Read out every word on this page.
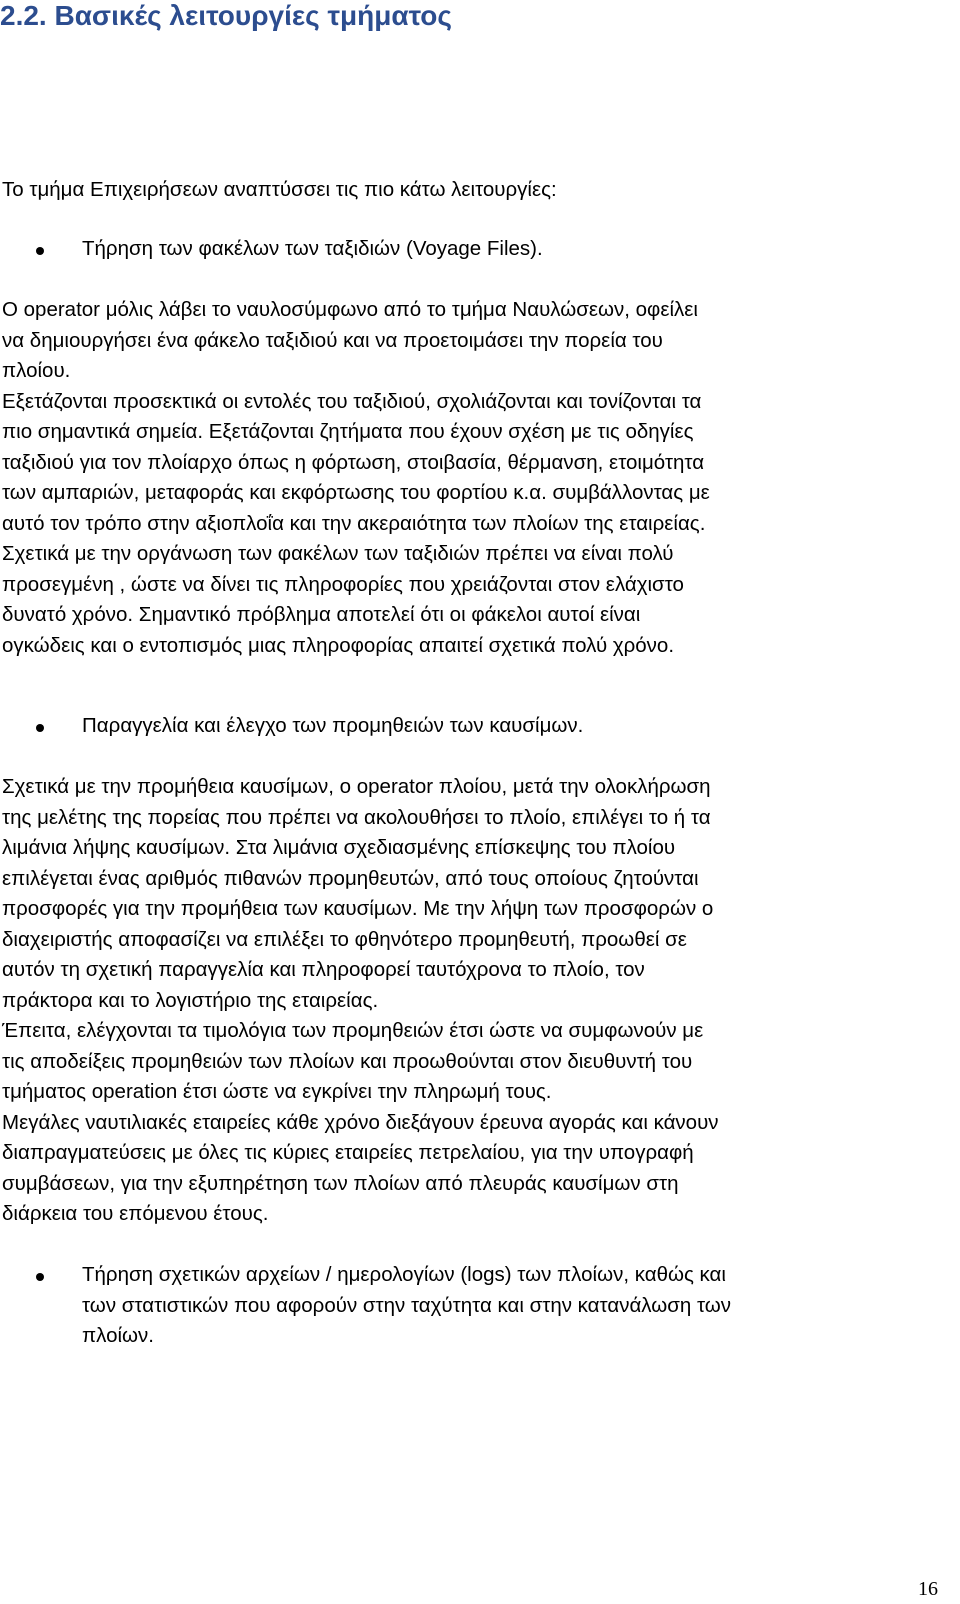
2.2. Βασικές λειτουργίες τμήματος

Το τμήμα Επιχειρήσεων αναπτύσσει τις πιο κάτω λειτουργίες:

Τήρηση των φακέλων των ταξιδιών (Voyage Files).

Ο operator μόλις λάβει το ναυλοσύμφωνο από το τμήμα Ναυλώσεων, οφείλει
να δημιουργήσει ένα φάκελο ταξιδιού και να προετοιμάσει την πορεία του
πλοίου.
Εξετάζονται προσεκτικά οι εντολές του ταξιδιού, σχολιάζονται και τονίζονται τα
πιο σημαντικά σημεία. Εξετάζονται ζητήματα που έχουν σχέση με τις οδηγίες
ταξιδιού για τον πλοίαρχο όπως η φόρτωση, στοιβασία, θέρμανση, ετοιμότητα
των αμπαριών, μεταφοράς και εκφόρτωσης του φορτίου κ.α. συμβάλλοντας με
αυτό τον τρόπο στην αξιοπλοΐα και την ακεραιότητα των πλοίων της εταιρείας.
Σχετικά με την οργάνωση των φακέλων των ταξιδιών πρέπει να είναι πολύ
προσεγμένη , ώστε να δίνει τις πληροφορίες που χρειάζονται στον ελάχιστο
δυνατό χρόνο. Σημαντικό πρόβλημα αποτελεί ότι οι φάκελοι αυτοί είναι
ογκώδεις και ο εντοπισμός μιας πληροφορίας απαιτεί σχετικά πολύ χρόνο.

Παραγγελία και έλεγχο των προμηθειών των καυσίμων.

Σχετικά με την προμήθεια καυσίμων, ο operator πλοίου, μετά την ολοκλήρωση
της μελέτης της πορείας που πρέπει να ακολουθήσει το πλοίο, επιλέγει το ή τα
λιμάνια λήψης καυσίμων. Στα λιμάνια σχεδιασμένης επίσκεψης του πλοίου
επιλέγεται ένας αριθμός πιθανών προμηθευτών, από τους οποίους ζητούνται
προσφορές για την προμήθεια των καυσίμων. Με την λήψη των προσφορών ο
διαχειριστής αποφασίζει να επιλέξει το φθηνότερο προμηθευτή, προωθεί σε
αυτόν τη σχετική παραγγελία και πληροφορεί ταυτόχρονα το πλοίο, τον
πράκτορα και το λογιστήριο της εταιρείας.
Έπειτα, ελέγχονται τα τιμολόγια των προμηθειών έτσι ώστε να συμφωνούν με
τις αποδείξεις προμηθειών των πλοίων και προωθούνται στον διευθυντή του
τμήματος operation έτσι ώστε να εγκρίνει την πληρωμή τους.
Μεγάλες ναυτιλιακές εταιρείες κάθε χρόνο διεξάγουν έρευνα αγοράς και κάνουν
διαπραγματεύσεις με όλες τις κύριες εταιρείες πετρελαίου, για την υπογραφή
συμβάσεων, για την εξυπηρέτηση των πλοίων από πλευράς καυσίμων στη
διάρκεια του επόμενου έτους.

Τήρηση σχετικών αρχείων / ημερολογίων (logs) των πλοίων, καθώς και
των στατιστικών που αφορούν στην ταχύτητα και στην κατανάλωση των
πλοίων.

16
